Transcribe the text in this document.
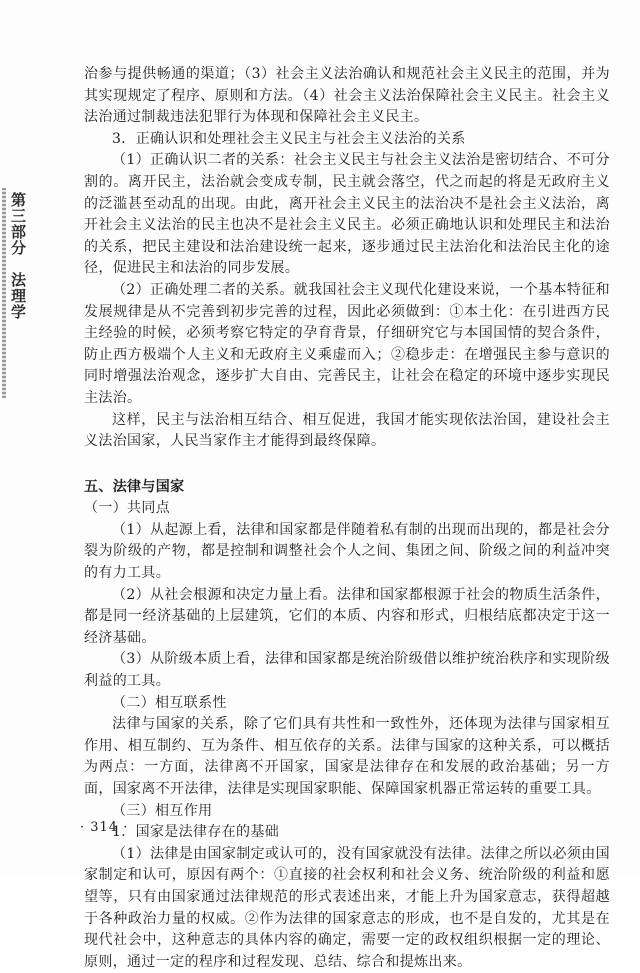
第三部分　法理学

治参与提供畅通的渠道；（3）社会主义法治确认和规范社会主义民主的范围，并为其实现规定了程序、原则和方法。（4）社会主义法治保障社会主义民主。社会主义法治通过制裁违法犯罪行为体现和保障社会主义民主。

3．正确认识和处理社会主义民主与社会主义法治的关系

（1）正确认识二者的关系：社会主义民主与社会主义法治是密切结合、不可分割的。离开民主，法治就会变成专制，民主就会落空，代之而起的将是无政府主义的泛滥甚至动乱的出现。由此，离开社会主义民主的法治决不是社会主义法治，离开社会主义法治的民主也决不是社会主义民主。必须正确地认识和处理民主和法治的关系，把民主建设和法治建设统一起来，逐步通过民主法治化和法治民主化的途径，促进民主和法治的同步发展。

（2）正确处理二者的关系。就我国社会主义现代化建设来说，一个基本特征和发展规律是从不完善到初步完善的过程，因此必须做到：①本土化：在引进西方民主经验的时候，必须考察它特定的孕育背景，仔细研究它与本国国情的契合条件，防止西方极端个人主义和无政府主义乘虚而入；②稳步走：在增强民主参与意识的同时增强法治观念，逐步扩大自由、完善民主，让社会在稳定的环境中逐步实现民主法治。

这样，民主与法治相互结合、相互促进，我国才能实现依法治国，建设社会主义法治国家，人民当家作主才能得到最终保障。

五、法律与国家

（一）共同点

（1）从起源上看，法律和国家都是伴随着私有制的出现而出现的，都是社会分裂为阶级的产物，都是控制和调整社会个人之间、集团之间、阶级之间的利益冲突的有力工具。

（2）从社会根源和决定力量上看。法律和国家都根源于社会的物质生活条件，都是同一经济基础的上层建筑，它们的本质、内容和形式，归根结底都决定于这一经济基础。

（3）从阶级本质上看，法律和国家都是统治阶级借以维护统治秩序和实现阶级利益的工具。

（二）相互联系性

法律与国家的关系，除了它们具有共性和一致性外，还体现为法律与国家相互作用、相互制约、互为条件、相互依存的关系。法律与国家的这种关系，可以概括为两点：一方面，法律离不开国家，国家是法律存在和发展的政治基础；另一方面，国家离不开法律，法律是实现国家职能、保障国家机器正常运转的重要工具。

（三）相互作用

1．国家是法律存在的基础

（1）法律是由国家制定或认可的，没有国家就没有法律。法律之所以必须由国家制定和认可，原因有两个：①直接的社会权利和社会义务、统治阶级的利益和愿望等，只有由国家通过法律规范的形式表述出来，才能上升为国家意志，获得超越于各种政治力量的权威。②作为法律的国家意志的形成，也不是自发的，尤其是在现代社会中，这种意志的具体内容的确定，需要一定的政权组织根据一定的理论、原则，通过一定的程序和过程发现、总结、综合和提炼出来。

· 314 ·
